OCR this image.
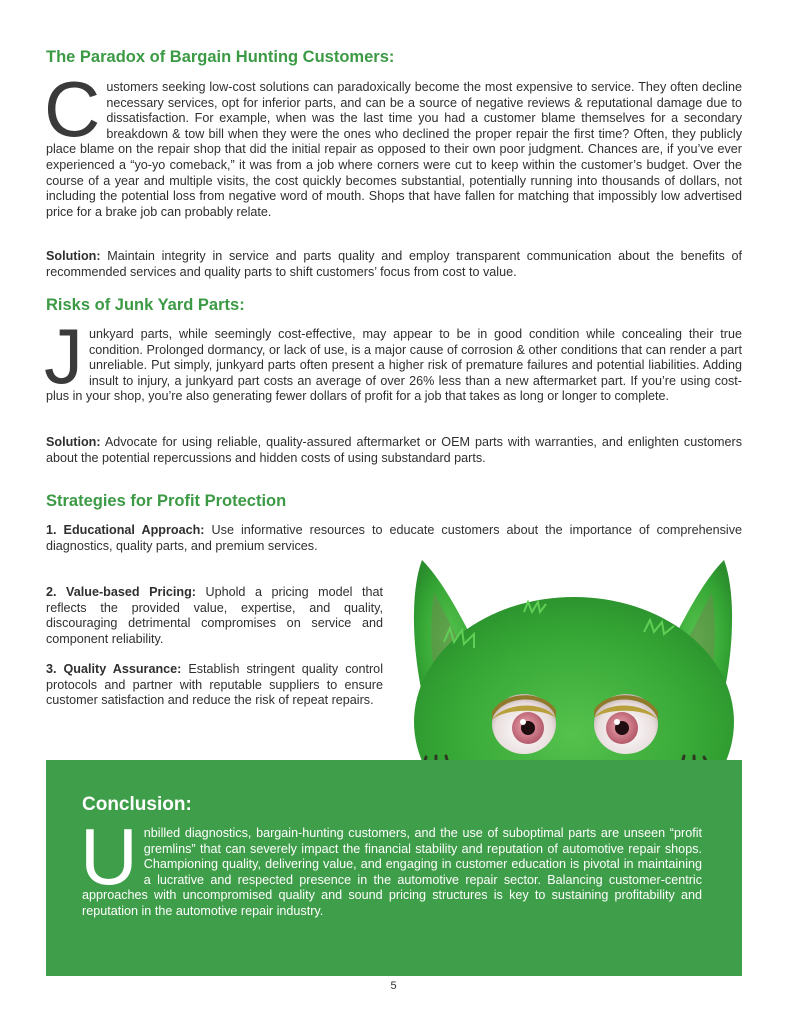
The Paradox of Bargain Hunting Customers:

Customers seeking low-cost solutions can paradoxically become the most expensive to service. They often decline necessary services, opt for inferior parts, and can be a source of negative reviews & reputational damage due to dissatisfaction. For example, when was the last time you had a customer blame themselves for a secondary breakdown & tow bill when they were the ones who declined the proper repair the first time? Often, they publicly place blame on the repair shop that did the initial repair as opposed to their own poor judgment. Chances are, if you’ve ever experienced a “yo-yo comeback,” it was from a job where corners were cut to keep within the customer’s budget. Over the course of a year and multiple visits, the cost quickly becomes substantial, potentially running into thousands of dollars, not including the potential loss from negative word of mouth. Shops that have fallen for matching that impossibly low advertised price for a brake job can probably relate.

Solution: Maintain integrity in service and parts quality and employ transparent communication about the benefits of recommended services and quality parts to shift customers’ focus from cost to value.

Risks of Junk Yard Parts:

Junkyard parts, while seemingly cost-effective, may appear to be in good condition while concealing their true condition. Prolonged dormancy, or lack of use, is a major cause of corrosion & other conditions that can render a part unreliable. Put simply, junkyard parts often present a higher risk of premature failures and potential liabilities. Adding insult to injury, a junkyard part costs an average of over 26% less than a new aftermarket part. If you’re using cost-plus in your shop, you’re also generating fewer dollars of profit for a job that takes as long or longer to complete.

Solution: Advocate for using reliable, quality-assured aftermarket or OEM parts with warranties, and enlighten customers about the potential repercussions and hidden costs of using substandard parts.

Strategies for Profit Protection

1. Educational Approach: Use informative resources to educate customers about the importance of comprehensive diagnostics, quality parts, and premium services.

2. Value-based Pricing: Uphold a pricing model that reflects the provided value, expertise, and quality, discouraging detrimental compromises on service and component reliability.

3. Quality Assurance: Establish stringent quality control protocols and partner with reputable suppliers to ensure customer satisfaction and reduce the risk of repeat repairs.

Conclusion:

Unbilled diagnostics, bargain-hunting customers, and the use of suboptimal parts are unseen “profit gremlins” that can severely impact the financial stability and reputation of automotive repair shops. Championing quality, delivering value, and engaging in customer education is pivotal in maintaining a lucrative and respected presence in the automotive repair sector. Balancing customer-centric approaches with uncompromised quality and sound pricing structures is key to sustaining profitability and reputation in the automotive repair industry.

5
